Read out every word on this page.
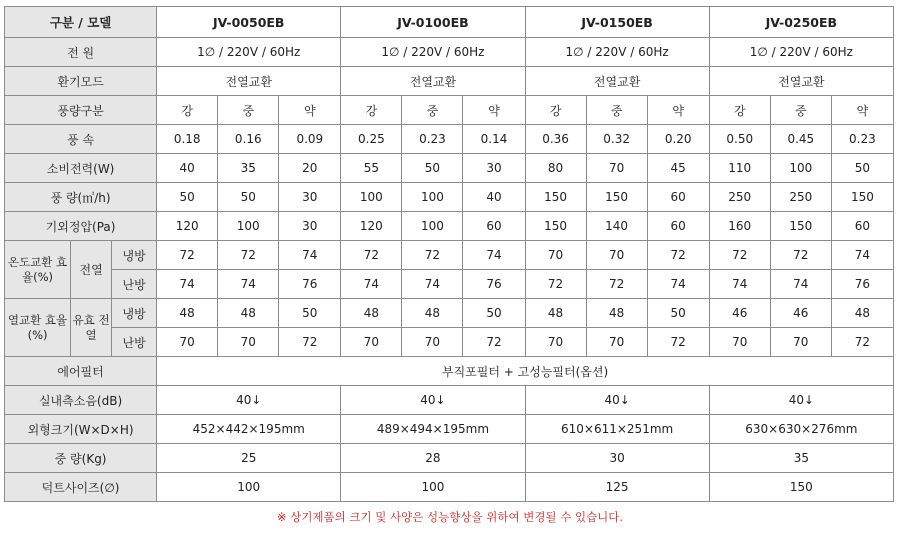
구분 / 모델			JV-0050EB			JV-0100EB			JV-0150EB			JV-0250EB		
전 원			1∅ / 220V / 60Hz			1∅ / 220V / 60Hz			1∅ / 220V / 60Hz			1∅ / 220V / 60Hz		
환기모드			전열교환			전열교환			전열교환			전열교환		
풍량구분			강	중	약	강	중	약	강	중	약	강	중	약
풍 속			0.18	0.16	0.09	0.25	0.23	0.14	0.36	0.32	0.20	0.50	0.45	0.23
소비전력(W)			40	35	20	55	50	30	80	70	45	110	100	50
풍 량(㎥/h)			50	50	30	100	100	40	150	150	60	250	250	150
기외정압(Pa)			120	100	30	120	100	60	150	140	60	160	150	60
온도교환 효율(%)	전열	냉방	72	72	74	72	72	74	70	70	72	72	72	74
		난방	74	74	76	74	74	76	72	72	74	74	74	76
열교환 효율(%)	유효 전열	냉방	48	48	50	48	48	50	48	48	50	46	46	48
		난방	70	70	72	70	70	72	70	70	72	70	70	72
에어필터			부직포필터 + 고성능필터(옵션)											
실내측소음(dB)			40↓			40↓			40↓			40↓		
외형크기(W×D×H)			452×442×195mm			489×494×195mm			610×611×251mm			630×630×276mm		
중 량(Kg)			25			28			30			35		
덕트사이즈(∅)			100			100			125			150		
※ 상기제품의 크기 및 사양은 성능향상을 위하여 변경될 수 있습니다.
